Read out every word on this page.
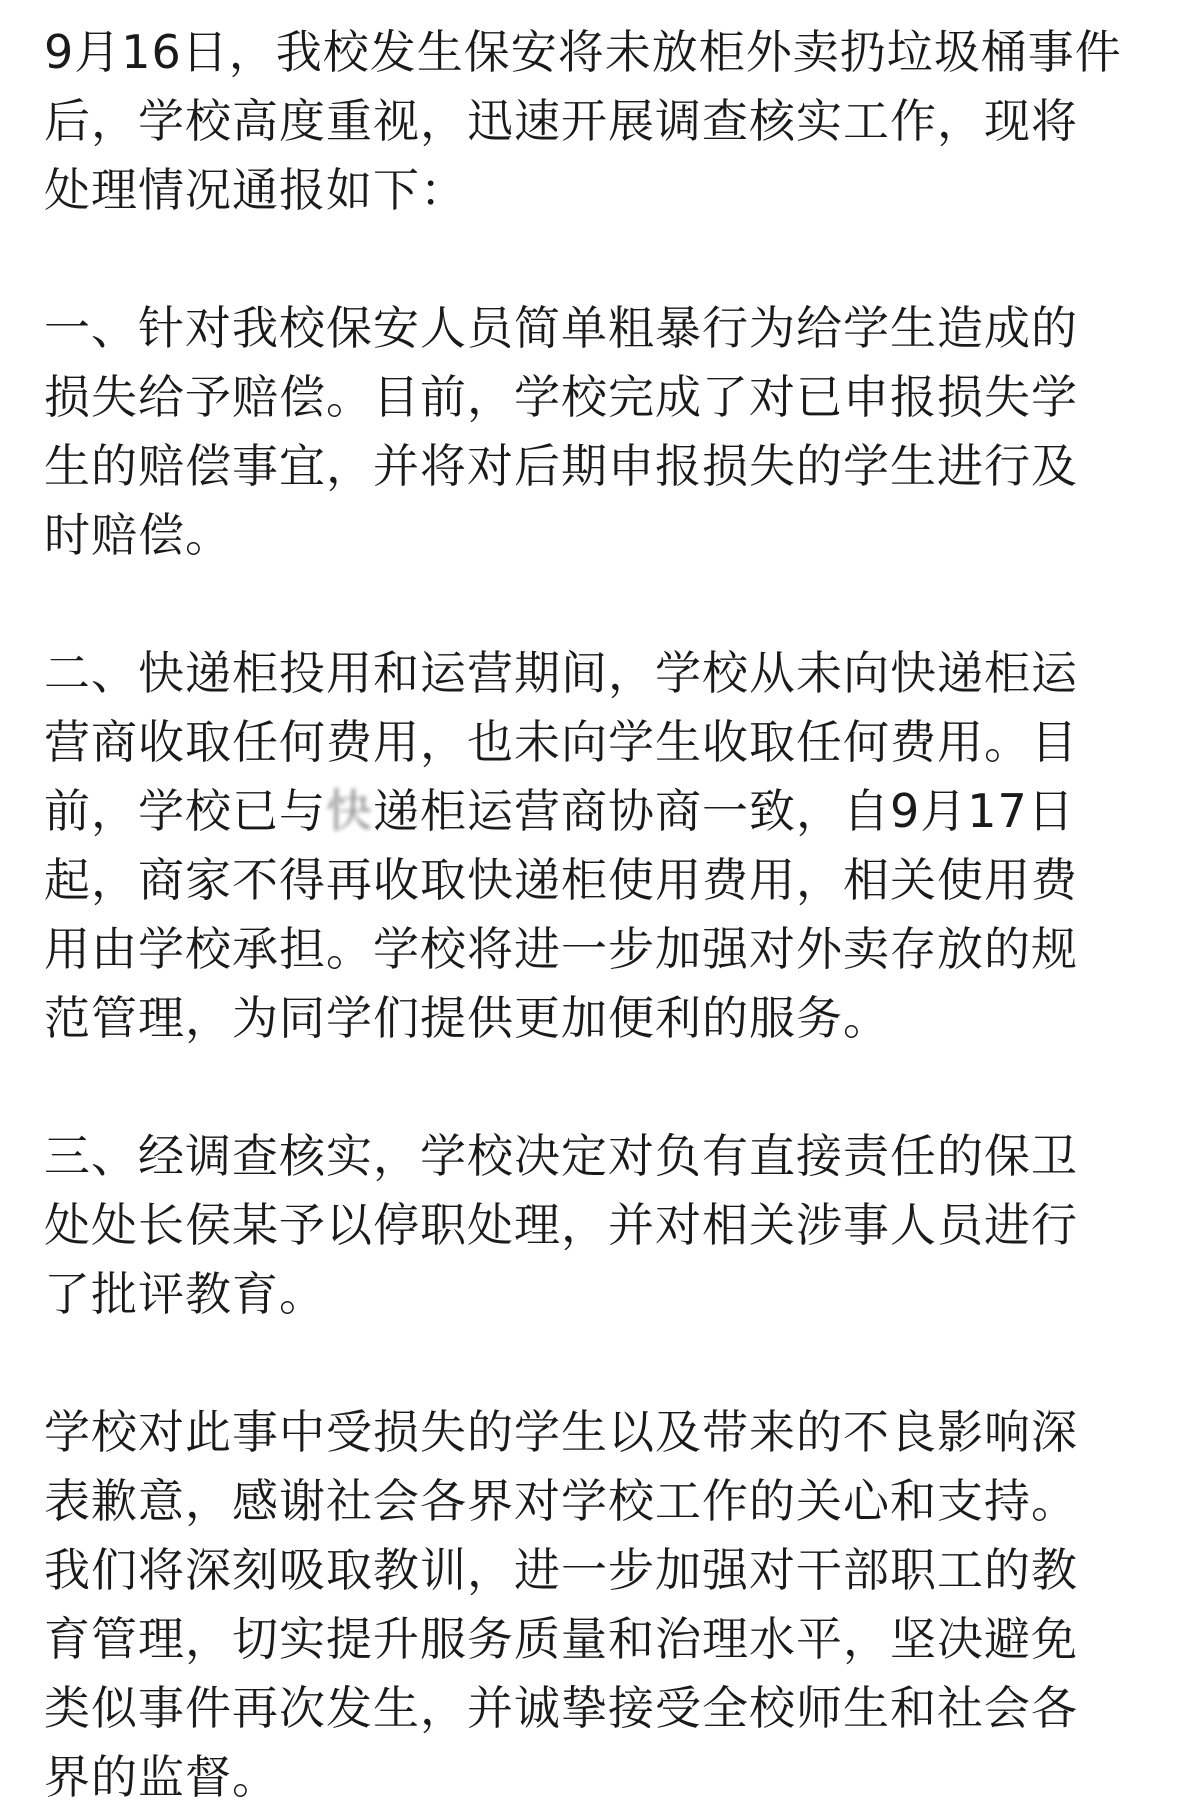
9月16日，我校发生保安将未放柜外卖扔垃圾桶事件
后，学校高度重视，迅速开展调查核实工作，现将
处理情况通报如下：
一、针对我校保安人员简单粗暴行为给学生造成的
损失给予赔偿。目前，学校完成了对已申报损失学
生的赔偿事宜，并将对后期申报损失的学生进行及
时赔偿。
二、快递柜投用和运营期间，学校从未向快递柜运
营商收取任何费用，也未向学生收取任何费用。目
前，学校已与快递柜运营商协商一致，自9月17日
起，商家不得再收取快递柜使用费用，相关使用费
用由学校承担。学校将进一步加强对外卖存放的规
范管理，为同学们提供更加便利的服务。
三、经调查核实，学校决定对负有直接责任的保卫
处处长侯某予以停职处理，并对相关涉事人员进行
了批评教育。
学校对此事中受损失的学生以及带来的不良影响深
表歉意，感谢社会各界对学校工作的关心和支持。
我们将深刻吸取教训，进一步加强对干部职工的教
育管理，切实提升服务质量和治理水平，坚决避免
类似事件再次发生，并诚挚接受全校师生和社会各
界的监督。
